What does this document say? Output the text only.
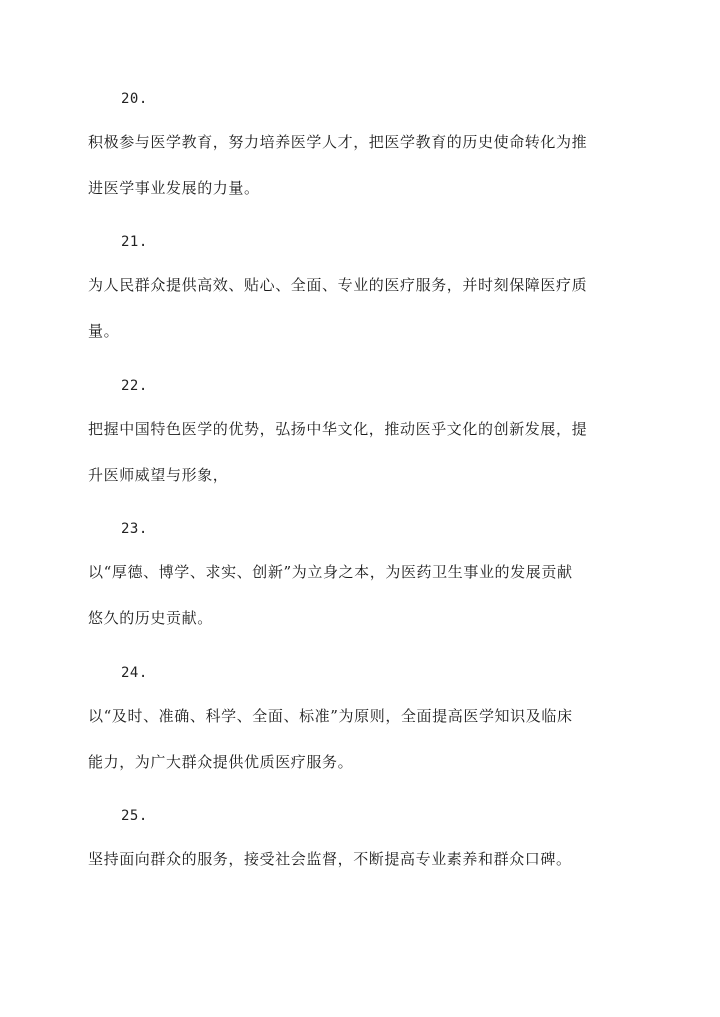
20.
积极参与医学教育，努力培养医学人才，把医学教育的历史使命转化为推
进医学事业发展的力量。
21.
为人民群众提供高效、贴心、全面、专业的医疗服务，并时刻保障医疗质
量。
22.
把握中国特色医学的优势，弘扬中华文化，推动医乎文化的创新发展，提
升医师威望与形象，
23.
以“厚德、博学、求实、创新”为立身之本，为医药卫生事业的发展贡献
悠久的历史贡献。
24.
以“及时、准确、科学、全面、标准”为原则，全面提高医学知识及临床
能力，为广大群众提供优质医疗服务。
25.
坚持面向群众的服务，接受社会监督，不断提高专业素养和群众口碑。
